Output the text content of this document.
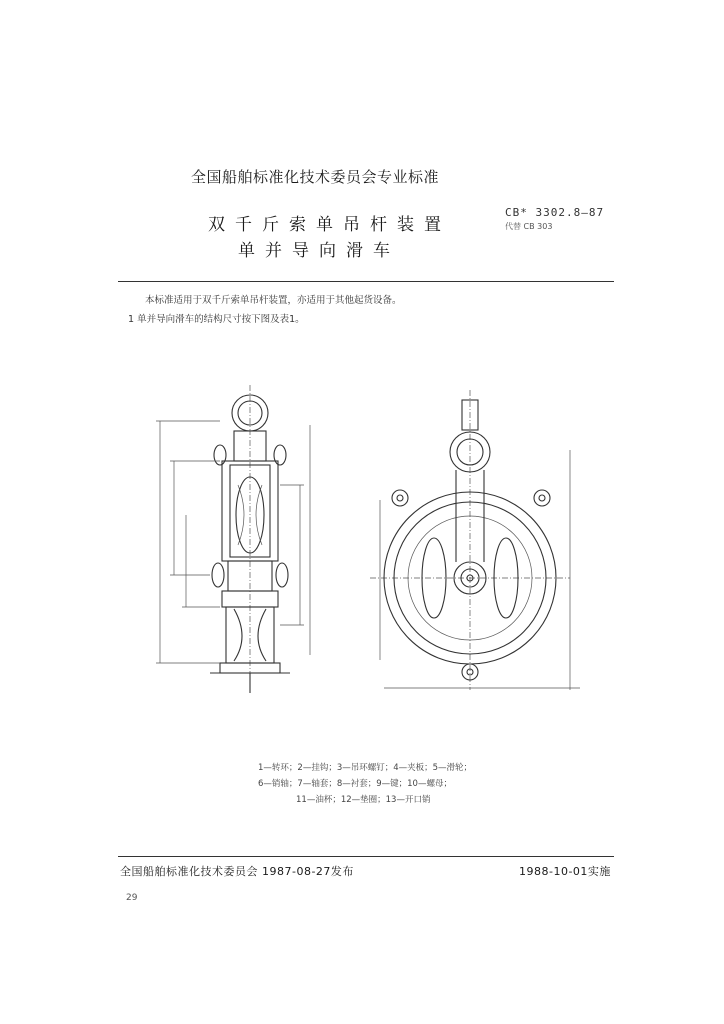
全国船舶标准化技术委员会专业标准
双千斤索单吊杆装置
单并导向滑车
CB* 3302.8—87
代替 CB 303
本标准适用于双千斤索单吊杆装置，亦适用于其他起货设备。
1 单并导向滑车的结构尺寸按下图及表1。
1—转环；2—挂钩；3—吊环螺钉；4—夹板；5—滑轮；
6—销轴；7—轴套；8—衬套；9—键；10—螺母；
11—油杯；12—垫圈；13—开口销
全国船舶标准化技术委员会 1987-08-27发布	1988-10-01实施
29
